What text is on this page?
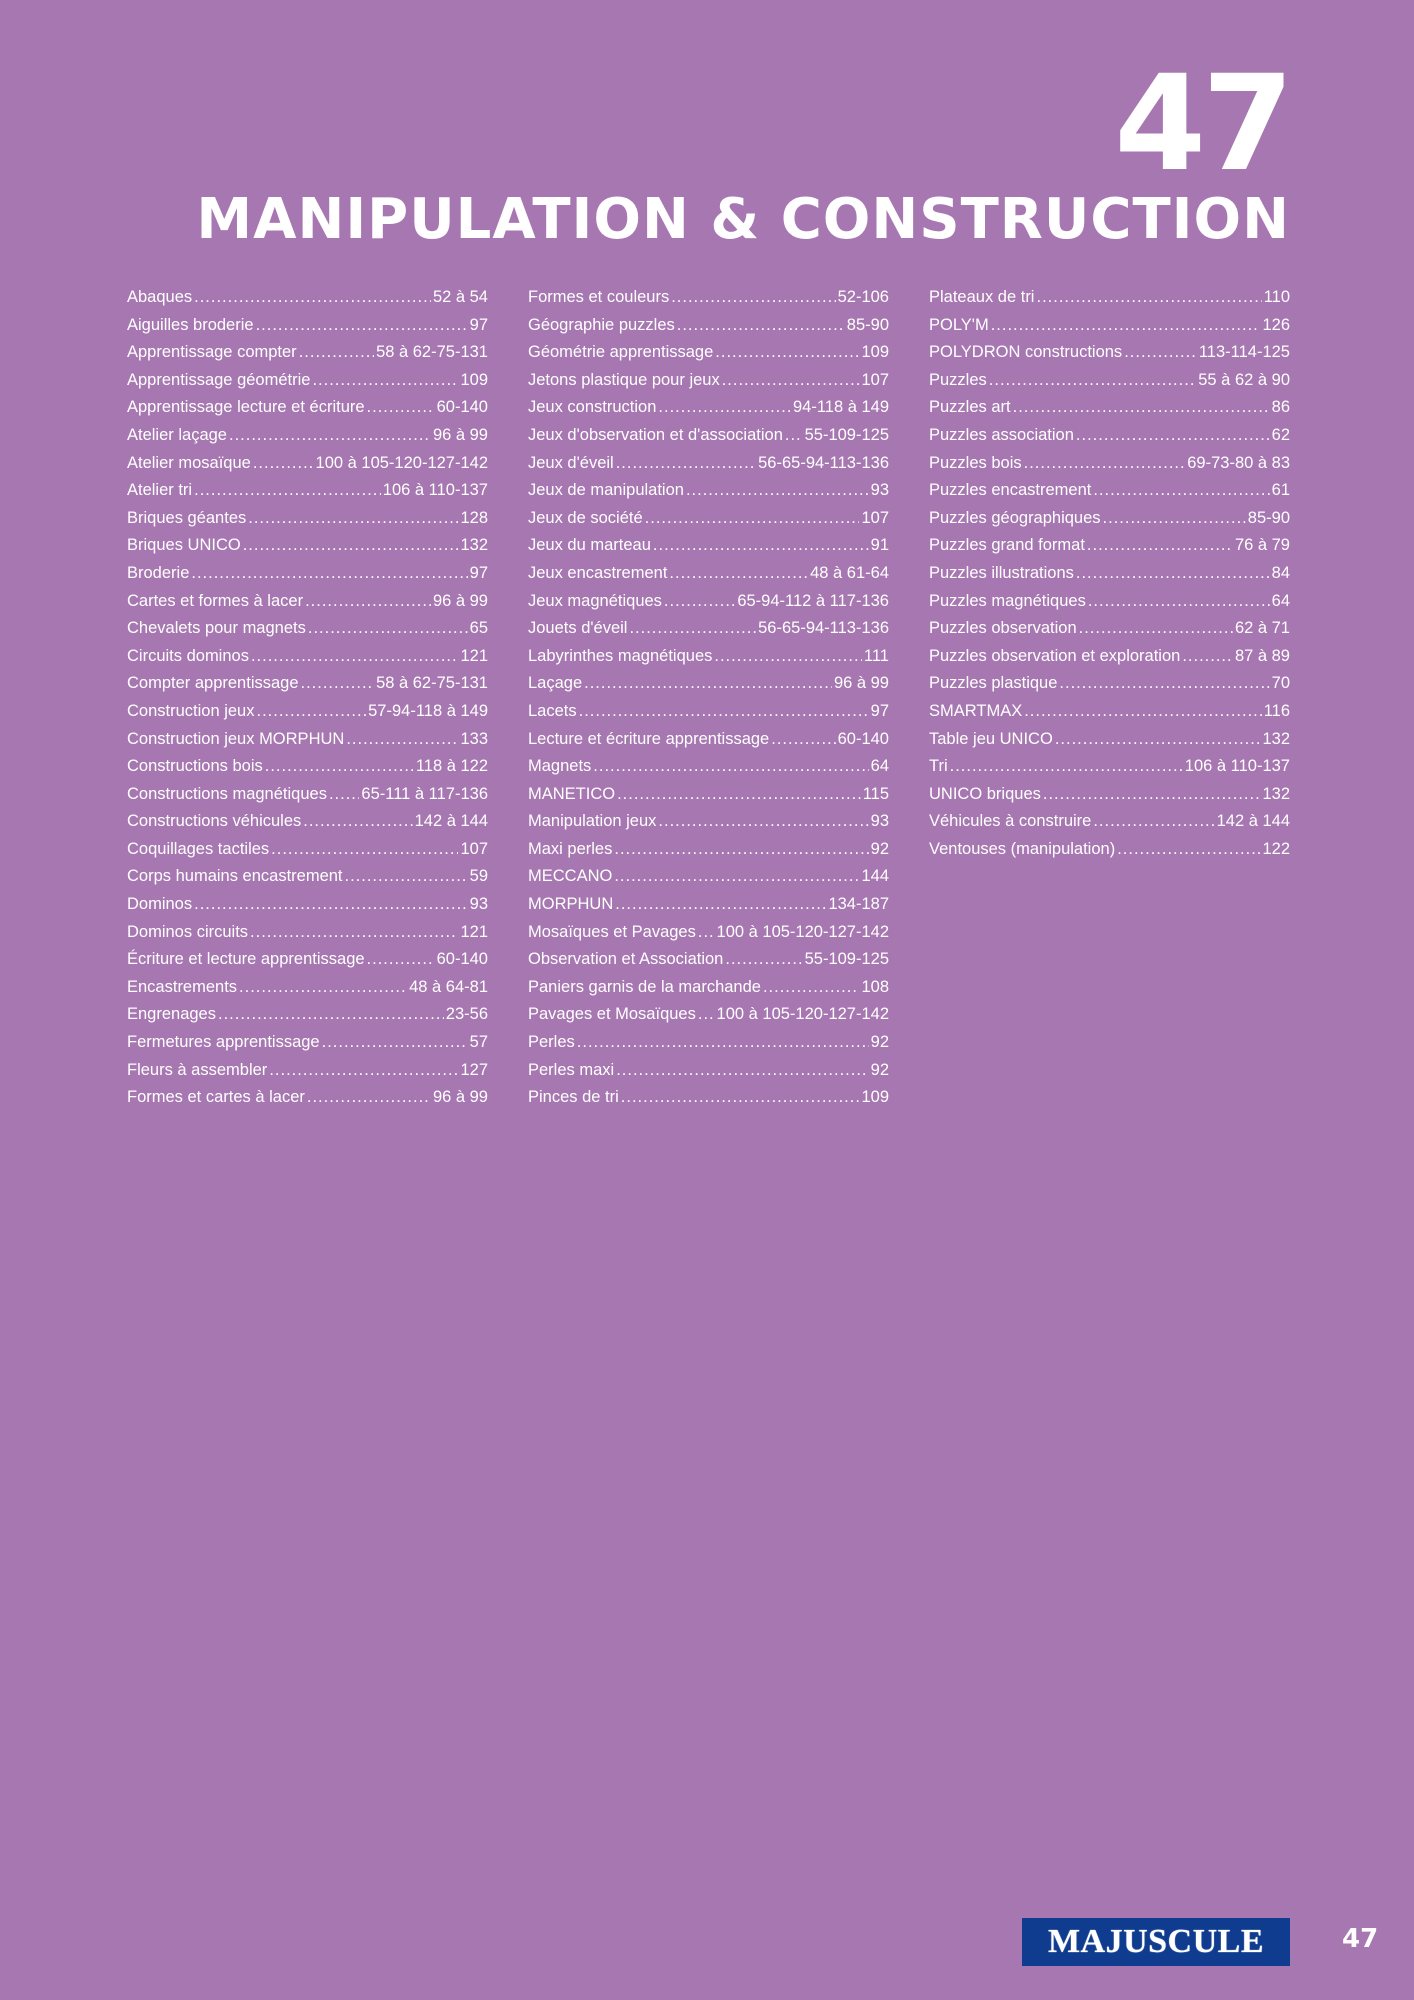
47
MANIPULATION & CONSTRUCTION
Abaques .....	52 à 54
Aiguilles broderie .....	97
Apprentissage compter .....	58 à 62-75-131
Apprentissage géométrie .....	109
Apprentissage lecture et écriture .....	60-140
Atelier laçage .....	96 à 99
Atelier mosaïque .....	100 à 105-120-127-142
Atelier tri .....	106 à 110-137
Briques géantes .....	128
Briques UNICO .....	132
Broderie .....	97
Cartes et formes à lacer .....	96 à 99
Chevalets pour magnets .....	65
Circuits dominos .....	121
Compter apprentissage .....	58 à 62-75-131
Construction jeux .....	57-94-118 à 149
Construction jeux MORPHUN .....	133
Constructions bois .....	118 à 122
Constructions magnétiques ..... 65-111 à 117-136
Constructions véhicules .....	142 à 144
Coquillages tactiles .....	107
Corps humains encastrement .....	59
Dominos .....	93
Dominos circuits .....	121
Écriture et lecture apprentissage .....	60-140
Encastrements .....	48 à 64-81
Engrenages .....	23-56
Fermetures apprentissage .....	57
Fleurs à assembler .....	127
Formes et cartes à lacer .....	96 à 99
Formes et couleurs .....	52-106
Géographie puzzles .....	85-90
Géométrie apprentissage .....	109
Jetons plastique pour jeux .....	107
Jeux construction .....	94-118 à 149
Jeux d'observation et d'association ..... 55-109-125
Jeux d'éveil .....	56-65-94-113-136
Jeux de manipulation .....	93
Jeux de société .....	107
Jeux du marteau .....	91
Jeux encastrement .....	48 à 61-64
Jeux magnétiques .....	65-94-112 à 117-136
Jouets d'éveil .....	56-65-94-113-136
Labyrinthes magnétiques .....	111
Laçage .....	96 à 99
Lacets .....	97
Lecture et écriture apprentissage .....	60-140
Magnets .....	64
MANETICO .....	115
Manipulation jeux .....	93
Maxi perles .....	92
MECCANO .....	144
MORPHUN .....	134-187
Mosaïques et Pavages ..... 100 à 105-120-127-142
Observation et Association .....	55-109-125
Paniers garnis de la marchande .....	108
Pavages et Mosaïques ..... 100 à 105-120-127-142
Perles .....	92
Perles maxi .....	92
Pinces de tri .....	109
Plateaux de tri .....	110
POLY'M .....	126
POLYDRON constructions .....	113-114-125
Puzzles .....	55 à 62 à 90
Puzzles art .....	86
Puzzles association .....	62
Puzzles bois .....	69-73-80 à 83
Puzzles encastrement .....	61
Puzzles géographiques .....	85-90
Puzzles grand format .....	76 à 79
Puzzles illustrations .....	84
Puzzles magnétiques .....	64
Puzzles observation .....	62 à 71
Puzzles observation et exploration .....	87 à 89
Puzzles plastique .....	70
SMARTMAX .....	116
Table jeu UNICO .....	132
Tri .....	106 à 110-137
UNICO briques .....	132
Véhicules à construire .....	142 à 144
Ventouses (manipulation) .....	122
MAJUSCULE	47
